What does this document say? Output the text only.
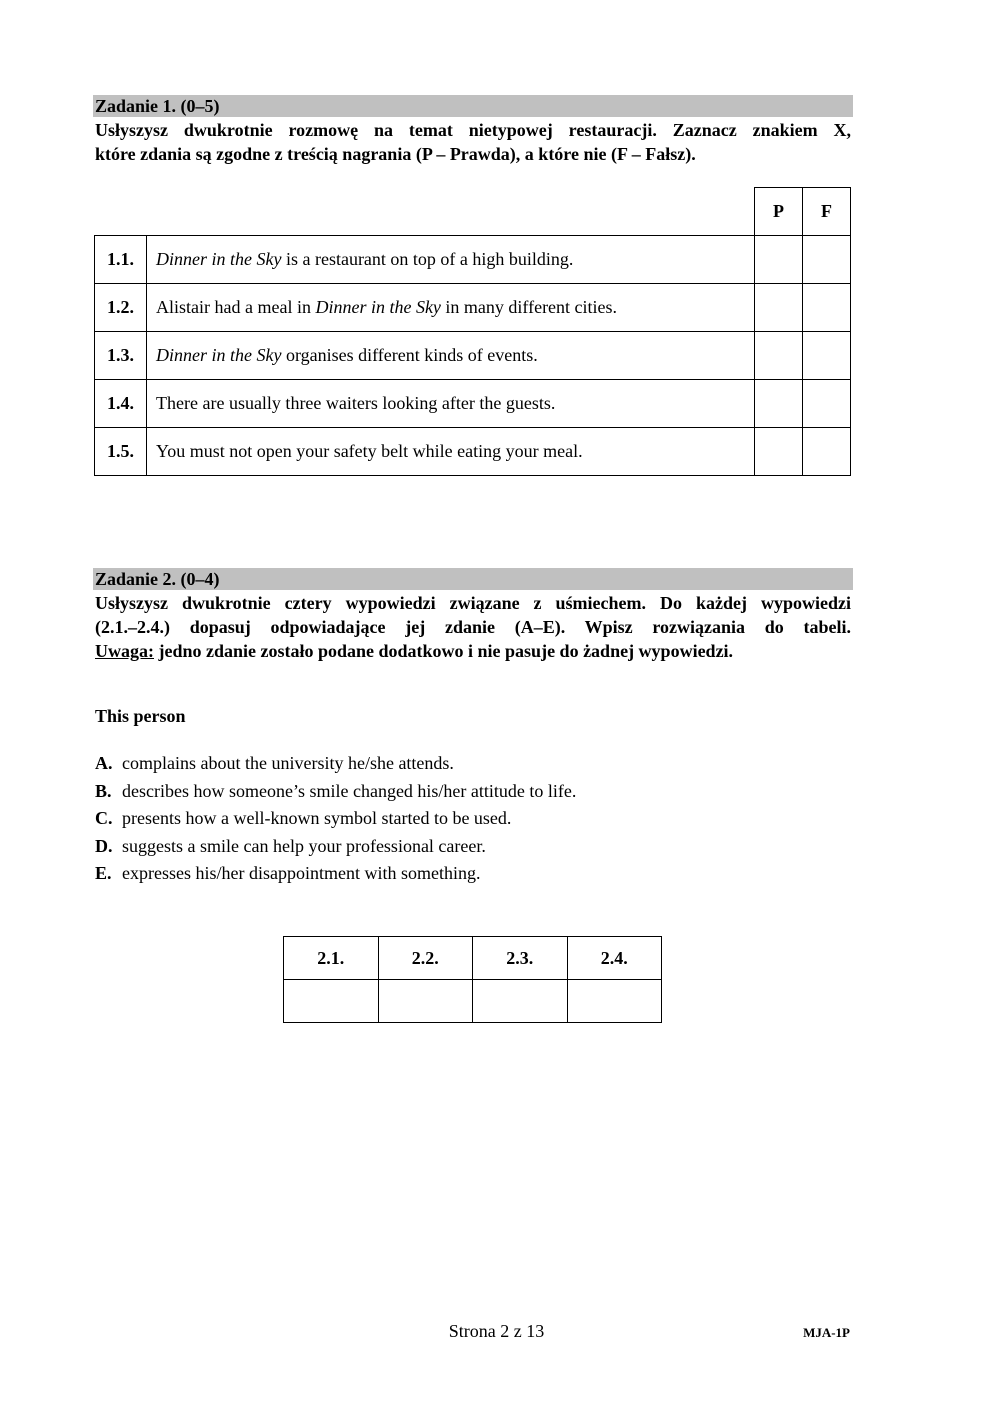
Zadanie 1. (0–5)
Usłyszysz dwukrotnie rozmowę na temat nietypowej restauracji. Zaznacz znakiem X,
które zdania są zgodne z treścią nagrania (P – Prawda), a które nie (F – Fałsz).
		P	F
1.1.	Dinner in the Sky is a restaurant on top of a high building.		
1.2.	Alistair had a meal in Dinner in the Sky in many different cities.		
1.3.	Dinner in the Sky organises different kinds of events.		
1.4.	There are usually three waiters looking after the guests.		
1.5.	You must not open your safety belt while eating your meal.		
Zadanie 2. (0–4)
Usłyszysz dwukrotnie cztery wypowiedzi związane z uśmiechem. Do każdej wypowiedzi
(2.1.–2.4.) dopasuj odpowiadające jej zdanie (A–E). Wpisz rozwiązania do tabeli.
Uwaga: jedno zdanie zostało podane dodatkowo i nie pasuje do żadnej wypowiedzi.
This person
A. complains about the university he/she attends.
B. describes how someone’s smile changed his/her attitude to life.
C. presents how a well-known symbol started to be used.
D. suggests a smile can help your professional career.
E. expresses his/her disappointment with something.
2.1.	2.2.	2.3.	2.4.

Strona 2 z 13	MJA-1P
